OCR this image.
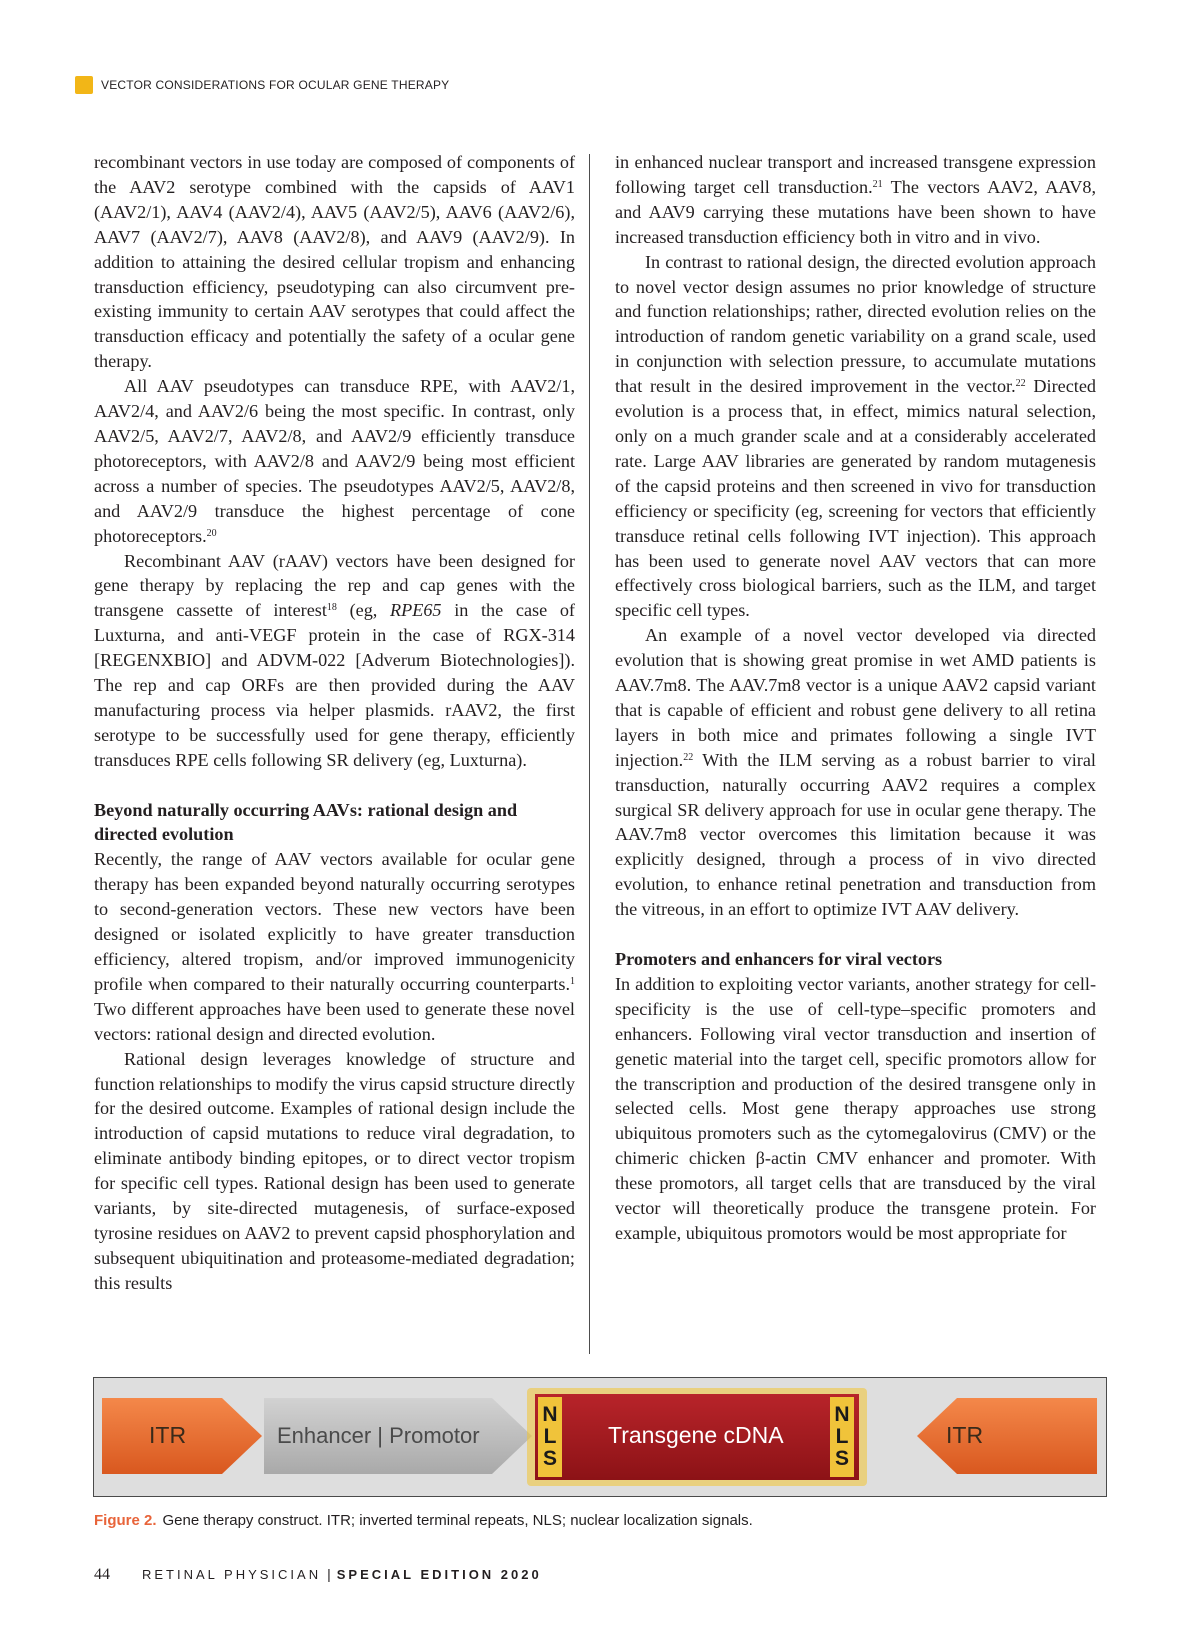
VECTOR CONSIDERATIONS FOR OCULAR GENE THERAPY

recombinant vectors in use today are composed of components of the AAV2 serotype combined with the capsids of AAV1 (AAV2/1), AAV4 (AAV2/4), AAV5 (AAV2/5), AAV6 (AAV2/6), AAV7 (AAV2/7), AAV8 (AAV2/8), and AAV9 (AAV2/9). In addition to attaining the desired cellular tropism and enhancing transduction efficiency, pseudotyping can also circumvent pre-existing immunity to certain AAV serotypes that could affect the transduction efficacy and potentially the safety of a ocular gene therapy.

All AAV pseudotypes can transduce RPE, with AAV2/1, AAV2/4, and AAV2/6 being the most specific. In contrast, only AAV2/5, AAV2/7, AAV2/8, and AAV2/9 efficiently transduce photoreceptors, with AAV2/8 and AAV2/9 being most efficient across a number of species. The pseudotypes AAV2/5, AAV2/8, and AAV2/9 transduce the highest percentage of cone photoreceptors.$^{20}$

Recombinant AAV (rAAV) vectors have been designed for gene therapy by replacing the rep and cap genes with the transgene cassette of interest$^{18}$ (eg, RPE65 in the case of Luxturna, and anti-VEGF protein in the case of RGX-314 [REGENXBIO] and ADVM-022 [Adverum Biotechnologies]). The rep and cap ORFs are then provided during the AAV manufacturing process via helper plasmids. rAAV2, the first serotype to be successfully used for gene therapy, efficiently transduces RPE cells following SR delivery (eg, Luxturna).

Beyond naturally occurring AAVs: rational design and directed evolution

Recently, the range of AAV vectors available for ocular gene therapy has been expanded beyond naturally occurring serotypes to second-generation vectors. These new vectors have been designed or isolated explicitly to have greater transduction efficiency, altered tropism, and/or improved immunogenicity profile when compared to their naturally occurring counterparts.$^1$ Two different approaches have been used to generate these novel vectors: rational design and directed evolution.

Rational design leverages knowledge of structure and function relationships to modify the virus capsid structure directly for the desired outcome. Examples of rational design include the introduction of capsid mutations to reduce viral degradation, to eliminate antibody binding epitopes, or to direct vector tropism for specific cell types. Rational design has been used to generate variants, by site-directed mutagenesis, of surface-exposed tyrosine residues on AAV2 to prevent capsid phosphorylation and subsequent ubiquitination and proteasome-mediated degradation; this results

in enhanced nuclear transport and increased transgene expression following target cell transduction.$^{21}$ The vectors AAV2, AAV8, and AAV9 carrying these mutations have been shown to have increased transduction efficiency both in vitro and in vivo.

In contrast to rational design, the directed evolution approach to novel vector design assumes no prior knowledge of structure and function relationships; rather, directed evolution relies on the introduction of random genetic variability on a grand scale, used in conjunction with selection pressure, to accumulate mutations that result in the desired improvement in the vector.$^{22}$ Directed evolution is a process that, in effect, mimics natural selection, only on a much grander scale and at a considerably accelerated rate. Large AAV libraries are generated by random mutagenesis of the capsid proteins and then screened in vivo for transduction efficiency or specificity (eg, screening for vectors that efficiently transduce retinal cells following IVT injection). This approach has been used to generate novel AAV vectors that can more effectively cross biological barriers, such as the ILM, and target specific cell types.

An example of a novel vector developed via directed evolution that is showing great promise in wet AMD patients is AAV.7m8. The AAV.7m8 vector is a unique AAV2 capsid variant that is capable of efficient and robust gene delivery to all retina layers in both mice and primates following a single IVT injection.$^{22}$ With the ILM serving as a robust barrier to viral transduction, naturally occurring AAV2 requires a complex surgical SR delivery approach for use in ocular gene therapy. The AAV.7m8 vector overcomes this limitation because it was explicitly designed, through a process of in vivo directed evolution, to enhance retinal penetration and transduction from the vitreous, in an effort to optimize IVT AAV delivery.

Promoters and enhancers for viral vectors

In addition to exploiting vector variants, another strategy for cell-specificity is the use of cell-type–specific promoters and enhancers. Following viral vector transduction and insertion of genetic material into the target cell, specific promotors allow for the transcription and production of the desired transgene only in selected cells. Most gene therapy approaches use strong ubiquitous promoters such as the cytomegalovirus (CMV) or the chimeric chicken β-actin CMV enhancer and promoter. With these promotors, all target cells that are transduced by the viral vector will theoretically produce the transgene protein. For example, ubiquitous promotors would be most appropriate for

ITR	Enhancer | Promotor
N
L
S
Transgene cDNA
N
L
S
ITR
Figure 2. Gene therapy construct. ITR; inverted terminal repeats, NLS; nuclear localization signals.
44 RETINAL PHYSICIAN | SPECIAL EDITION 2020
